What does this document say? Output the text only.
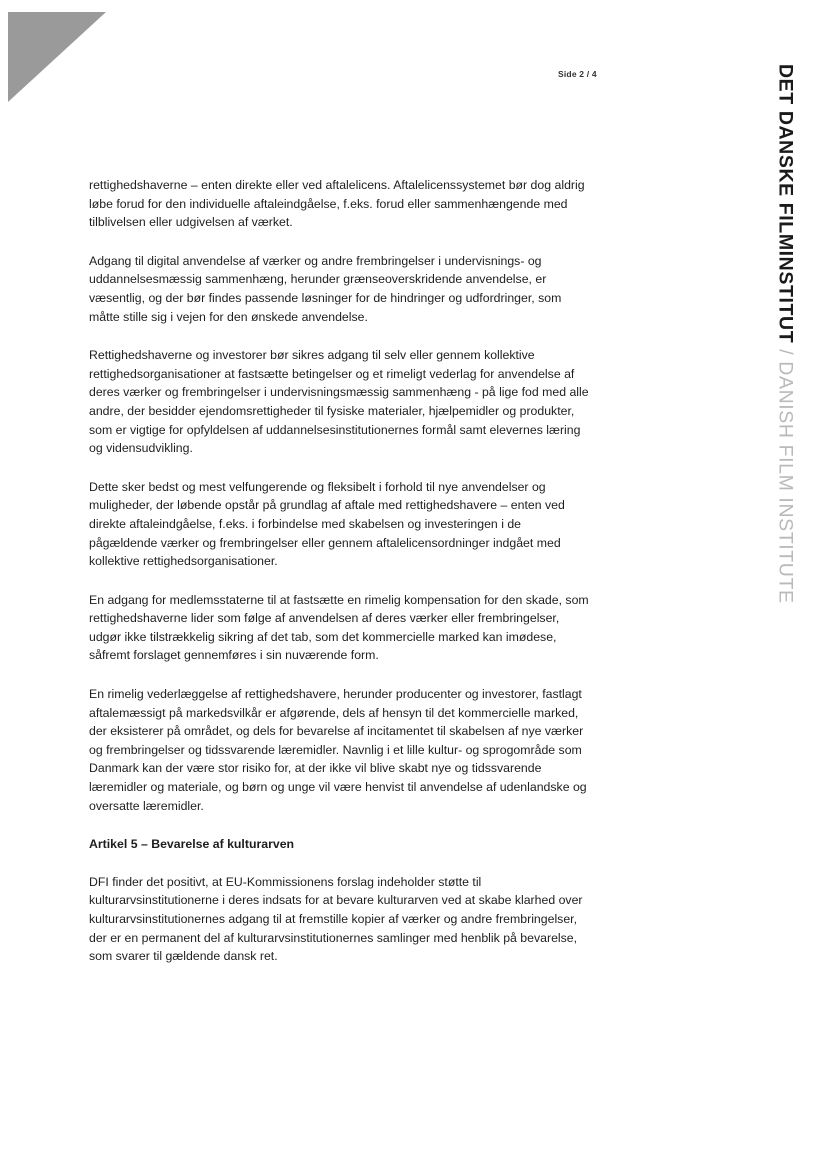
Side 2 / 4	DET DANSKE FILMINSTITUT / DANISH FILM INSTITUTE

rettighedshaverne – enten direkte eller ved aftalelicens. Aftalelicenssystemet bør dog aldrig løbe forud for den individuelle aftaleindgåelse, f.eks. forud eller sammenhængende med tilblivelsen eller udgivelsen af værket.

Adgang til digital anvendelse af værker og andre frembringelser i undervisnings- og uddannelsesmæssig sammenhæng, herunder grænseoverskridende anvendelse, er væsentlig, og der bør findes passende løsninger for de hindringer og udfordringer, som måtte stille sig i vejen for den ønskede anvendelse.

Rettighedshaverne og investorer bør sikres adgang til selv eller gennem kollektive rettighedsorganisationer at fastsætte betingelser og et rimeligt vederlag for anvendelse af deres værker og frembringelser i undervisningsmæssig sammenhæng - på lige fod med alle andre, der besidder ejendomsrettigheder til fysiske materialer, hjælpemidler og produkter, som er vigtige for opfyldelsen af uddannelsesinstitutionernes formål samt elevernes læring og vidensudvikling.

Dette sker bedst og mest velfungerende og fleksibelt i forhold til nye anvendelser og muligheder, der løbende opstår på grundlag af aftale med rettighedshavere – enten ved direkte aftaleindgåelse, f.eks. i forbindelse med skabelsen og investeringen i de pågældende værker og frembringelser eller gennem aftalelicensordninger indgået med kollektive rettighedsorganisationer.

En adgang for medlemsstaterne til at fastsætte en rimelig kompensation for den skade, som rettighedshaverne lider som følge af anvendelsen af deres værker eller frembringelser, udgør ikke tilstrækkelig sikring af det tab, som det kommercielle marked kan imødese, såfremt forslaget gennemføres i sin nuværende form.

En rimelig vederlæggelse af rettighedshavere, herunder producenter og investorer, fastlagt aftalemæssigt på markedsvilkår er afgørende, dels af hensyn til det kommercielle marked, der eksisterer på området, og dels for bevarelse af incitamentet til skabelsen af nye værker og frembringelser og tidssvarende læremidler. Navnlig i et lille kultur- og sprogområde som Danmark kan der være stor risiko for, at der ikke vil blive skabt nye og tidssvarende læremidler og materiale, og børn og unge vil være henvist til anvendelse af udenlandske og oversatte læremidler.

Artikel 5 – Bevarelse af kulturarven

DFI finder det positivt, at EU-Kommissionens forslag indeholder støtte til kulturarvsinstitutionerne i deres indsats for at bevare kulturarven ved at skabe klarhed over kulturarvsinstitutionernes adgang til at fremstille kopier af værker og andre frembringelser, der er en permanent del af kulturarvsinstitutionernes samlinger med henblik på bevarelse, som svarer til gældende dansk ret.
